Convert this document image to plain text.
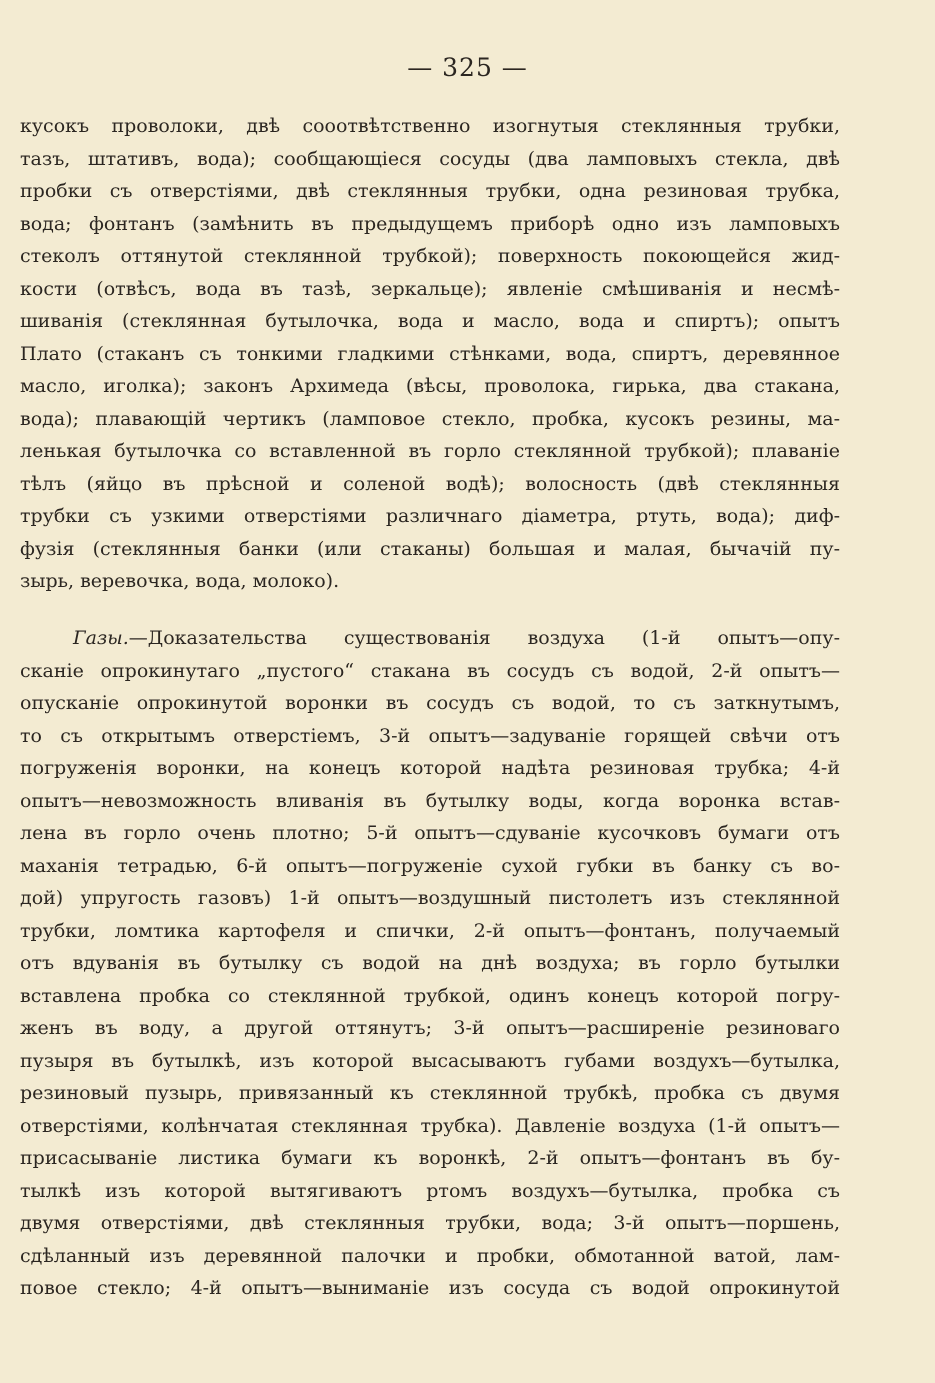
— 325 —
кусокъ проволоки, двѣ сооотвѣтственно изогнутыя стеклянныя трубки,
тазъ, штативъ, вода); сообщающіеся сосуды (два ламповыхъ стекла, двѣ
пробки съ отверстіями, двѣ стеклянныя трубки, одна резиновая трубка,
вода; фонтанъ (замѣнить въ предыдущемъ приборѣ одно изъ ламповыхъ
стеколъ оттянутой стеклянной трубкой); поверхность покоющейся жид-
кости (отвѣсъ, вода въ тазѣ, зеркальце); явленіе смѣшиванія и несмѣ-
шиванія (стеклянная бутылочка, вода и масло, вода и спиртъ); опытъ
Плато (стаканъ съ тонкими гладкими стѣнками, вода, спиртъ, деревянное
масло, иголка); законъ Архимеда (вѣсы, проволока, гирька, два стакана,
вода); плавающій чертикъ (ламповое стекло, пробка, кусокъ резины, ма-
ленькая бутылочка со вставленной въ горло стеклянной трубкой); плаваніе
тѣлъ (яйцо въ прѣсной и соленой водѣ); волосность (двѣ стеклянныя
трубки съ узкими отверстіями различнаго діаметра, ртуть, вода); диф-
фузія (стеклянныя банки (или стаканы) большая и малая, бычачій пу-
зырь, веревочка, вода, молоко).
Газы.—Доказательства существованія воздуха (1-й опытъ—опу-
сканіе опрокинутаго „пустого“ стакана въ сосудъ съ водой, 2-й опытъ—
опусканіе опрокинутой воронки въ сосудъ съ водой, то съ заткнутымъ,
то съ открытымъ отверстіемъ, 3-й опытъ—задуваніе горящей свѣчи отъ
погруженія воронки, на конецъ которой надѣта резиновая трубка; 4-й
опытъ—невозможность вливанія въ бутылку воды, когда воронка встав-
лена въ горло очень плотно; 5-й опытъ—сдуваніе кусочковъ бумаги отъ
маханія тетрадью, 6-й опытъ—погруженіе сухой губки въ банку съ во-
дой) упругость газовъ) 1-й опытъ—воздушный пистолетъ изъ стеклянной
трубки, ломтика картофеля и спички, 2-й опытъ—фонтанъ, получаемый
отъ вдуванія въ бутылку съ водой на днѣ воздуха; въ горло бутылки
вставлена пробка со стеклянной трубкой, одинъ конецъ которой погру-
женъ въ воду, а другой оттянутъ; 3-й опытъ—расширеніе резиноваго
пузыря въ бутылкѣ, изъ которой высасываютъ губами воздухъ—бутылка,
резиновый пузырь, привязанный къ стеклянной трубкѣ, пробка съ двумя
отверстіями, колѣнчатая стеклянная трубка). Давленіе воздуха (1-й опытъ—
присасываніе листика бумаги къ воронкѣ, 2-й опытъ—фонтанъ въ бу-
тылкѣ изъ которой вытягиваютъ ртомъ воздухъ—бутылка, пробка съ
двумя отверстіями, двѣ стеклянныя трубки, вода; 3-й опытъ—поршень,
сдѣланный изъ деревянной палочки и пробки, обмотанной ватой, лам-
повое стекло; 4-й опытъ—выниманіе изъ сосуда съ водой опрокинутой
